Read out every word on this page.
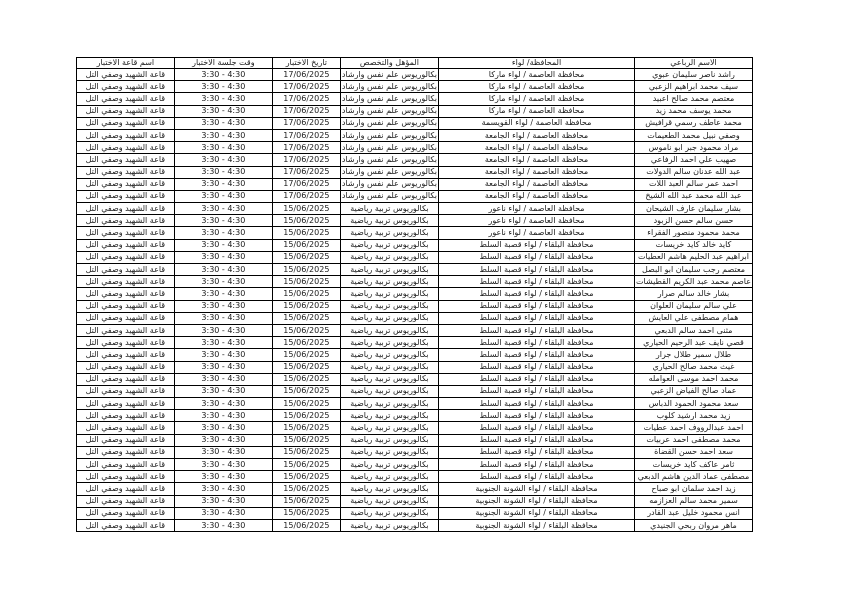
الاسم الرباعي	المحافظة/ لواء	المؤهل والتخصص	تاريخ الاختبار	وقت جلسة الاختبار	اسم قاعة الاختبار
راشد ناصر سليمان عبوي	محافظة العاصمة / لواء ماركا	بكالوريوس علم نفس وارشاد	17/06/2025	3:30 - 4:30	قاعة الشهيد وصفي التل
سيف محمد ابراهيم الزعبي	محافظة العاصمة / لواء ماركا	بكالوريوس علم نفس وارشاد	17/06/2025	3:30 - 4:30	قاعة الشهيد وصفي التل
معتصم محمد صالح اعبيد	محافظة العاصمة / لواء ماركا	بكالوريوس علم نفس وارشاد	17/06/2025	3:30 - 4:30	قاعة الشهيد وصفي التل
محمد يوسف محمد زيد	محافظة العاصمة / لواء ماركا	بكالوريوس علم نفس وارشاد	17/06/2025	3:30 - 4:30	قاعة الشهيد وصفي التل
محمد عاطف رسمي قرافيش	محافظة العاصمة / لواء القويسمة	بكالوريوس علم نفس وارشاد	17/06/2025	3:30 - 4:30	قاعة الشهيد وصفي التل
وصفي نبيل محمد الطعيمات	محافظة العاصمة / لواء الجامعة	بكالوريوس علم نفس وارشاد	17/06/2025	3:30 - 4:30	قاعة الشهيد وصفي التل
مراد محمود جبر ابو ناموس	محافظة العاصمة / لواء الجامعة	بكالوريوس علم نفس وارشاد	17/06/2025	3:30 - 4:30	قاعة الشهيد وصفي التل
صهيب علي احمد الرفاعي	محافظة العاصمة / لواء الجامعة	بكالوريوس علم نفس وارشاد	17/06/2025	3:30 - 4:30	قاعة الشهيد وصفي التل
عبد الله عدنان سالم الدولات	محافظة العاصمة / لواء الجامعة	بكالوريوس علم نفس وارشاد	17/06/2025	3:30 - 4:30	قاعة الشهيد وصفي التل
احمد عمر سالم العبد اللات	محافظة العاصمة / لواء الجامعة	بكالوريوس علم نفس وارشاد	17/06/2025	3:30 - 4:30	قاعة الشهيد وصفي التل
عبد الله محمد عبد الله الشيخ	محافظة العاصمة / لواء الجامعة	بكالوريوس علم نفس وارشاد	17/06/2025	3:30 - 4:30	قاعة الشهيد وصفي التل
بشار سليمان عارف الشيحان	محافظة العاصمة / لواء ناعور	بكالوريوس تربية رياضية	15/06/2025	3:30 - 4:30	قاعة الشهيد وصفي التل
حسن سالم حسن الزبود	محافظة العاصمة / لواء ناعور	بكالوريوس تربية رياضية	15/06/2025	3:30 - 4:30	قاعة الشهيد وصفي التل
محمد محمود منصور الفقراء	محافظة العاصمة / لواء ناعور	بكالوريوس تربية رياضية	15/06/2025	3:30 - 4:30	قاعة الشهيد وصفي التل
كايد خالد كايد خريسات	محافظة البلقاء / لواء قصبة السلط	بكالوريوس تربية رياضية	15/06/2025	3:30 - 4:30	قاعة الشهيد وصفي التل
ابراهيم عبد الحليم هاشم العطيات	محافظة البلقاء / لواء قصبة السلط	بكالوريوس تربية رياضية	15/06/2025	3:30 - 4:30	قاعة الشهيد وصفي التل
معتصم رجب سليمان ابو البصل	محافظة البلقاء / لواء قصبة السلط	بكالوريوس تربية رياضية	15/06/2025	3:30 - 4:30	قاعة الشهيد وصفي التل
عاصم محمد عبد الكريم القطيشات	محافظة البلقاء / لواء قصبة السلط	بكالوريوس تربية رياضية	15/06/2025	3:30 - 4:30	قاعة الشهيد وصفي التل
بشار خالد سالم صرار	محافظة البلقاء / لواء قصبة السلط	بكالوريوس تربية رياضية	15/06/2025	3:30 - 4:30	قاعة الشهيد وصفي التل
علي سالم سليمان العلوان	محافظة البلقاء / لواء قصبة السلط	بكالوريوس تربية رياضية	15/06/2025	3:30 - 4:30	قاعة الشهيد وصفي التل
همام مصطفى علي العايش	محافظة البلقاء / لواء قصبة السلط	بكالوريوس تربية رياضية	15/06/2025	3:30 - 4:30	قاعة الشهيد وصفي التل
مثنى احمد سالم الدبعي	محافظة البلقاء / لواء قصبة السلط	بكالوريوس تربية رياضية	15/06/2025	3:30 - 4:30	قاعة الشهيد وصفي التل
قصي نايف عبد الرحيم الحياري	محافظة البلقاء / لواء قصبة السلط	بكالوريوس تربية رياضية	15/06/2025	3:30 - 4:30	قاعة الشهيد وصفي التل
طلال سمير طلال جرار	محافظة البلقاء / لواء قصبة السلط	بكالوريوس تربية رياضية	15/06/2025	3:30 - 4:30	قاعة الشهيد وصفي التل
غيث محمد صالح الحياري	محافظة البلقاء / لواء قصبة السلط	بكالوريوس تربية رياضية	15/06/2025	3:30 - 4:30	قاعة الشهيد وصفي التل
محمد احمد موسى العوامله	محافظة البلقاء / لواء قصبة السلط	بكالوريوس تربية رياضية	15/06/2025	3:30 - 4:30	قاعة الشهيد وصفي التل
عماد صالح الفياض الزعبي	محافظة البلقاء / لواء قصبة السلط	بكالوريوس تربية رياضية	15/06/2025	3:30 - 4:30	قاعة الشهيد وصفي التل
سعد محمود الحمود الدباس	محافظة البلقاء / لواء قصبة السلط	بكالوريوس تربية رياضية	15/06/2025	3:30 - 4:30	قاعة الشهيد وصفي التل
زيد محمد ارشيد كلوب	محافظة البلقاء / لواء قصبة السلط	بكالوريوس تربية رياضية	15/06/2025	3:30 - 4:30	قاعة الشهيد وصفي التل
احمد عبدالرووف احمد عطيات	محافظة البلقاء / لواء قصبة السلط	بكالوريوس تربية رياضية	15/06/2025	3:30 - 4:30	قاعة الشهيد وصفي التل
محمد مصطفى احمد عربيات	محافظة البلقاء / لواء قصبة السلط	بكالوريوس تربية رياضية	15/06/2025	3:30 - 4:30	قاعة الشهيد وصفي التل
سعد احمد حسن القضاة	محافظة البلقاء / لواء قصبة السلط	بكالوريوس تربية رياضية	15/06/2025	3:30 - 4:30	قاعة الشهيد وصفي التل
ثامر عاكف كايد خريسات	محافظة البلقاء / لواء قصبة السلط	بكالوريوس تربية رياضية	15/06/2025	3:30 - 4:30	قاعة الشهيد وصفي التل
مصطفى عماد الدين هاشم الدبعي	محافظة البلقاء / لواء قصبة السلط	بكالوريوس تربية رياضية	15/06/2025	3:30 - 4:30	قاعة الشهيد وصفي التل
زيد احمد سلمان ابو صباح	محافظة البلقاء / لواء الشونة الجنوبية	بكالوريوس تربية رياضية	15/06/2025	3:30 - 4:30	قاعة الشهيد وصفي التل
سمير محمد سالم العزازمه	محافظة البلقاء / لواء الشونة الجنوبية	بكالوريوس تربية رياضية	15/06/2025	3:30 - 4:30	قاعة الشهيد وصفي التل
انس محمود خليل عبد القادر	محافظة البلقاء / لواء الشونة الجنوبية	بكالوريوس تربية رياضية	15/06/2025	3:30 - 4:30	قاعة الشهيد وصفي التل
ماهر مروان ربحي الجنيدي	محافظة البلقاء / لواء الشونة الجنوبية	بكالوريوس تربية رياضية	15/06/2025	3:30 - 4:30	قاعة الشهيد وصفي التل
